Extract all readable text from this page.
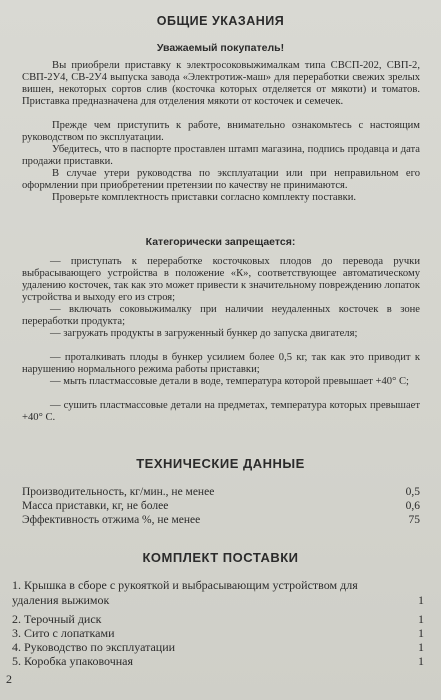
ОБЩИЕ УКАЗАНИЯ
Уважаемый покупатель!

Вы приобрели приставку к электросоковыжималкам типа СВСП-202, СВП-2, СВП-2У4, СВ-2У4 выпуска завода «Электротиж-маш» для переработки свежих зрелых вишен, некоторых сортов слив (косточка которых отделяется от мякоти) и томатов. Приставка предназначена для отделения мякоти от косточек и семечек.

Прежде чем приступить к работе, внимательно ознакомьтесь с настоящим руководством по эксплуатации.

Убедитесь, что в паспорте проставлен штамп магазина, подпись продавца и дата продажи приставки.

В случае утери руководства по эксплуатации или при неправильном его оформлении при приобретении претензии по качеству не принимаются.

Проверьте комплектность приставки согласно комплекту поставки.

Категорически запрещается:

— приступать к переработке косточковых плодов до перевода ручки выбрасывающего устройства в положение «К», соответствующее автоматическому удалению косточек, так как это может привести к значительному повреждению лопаток устройства и выходу его из строя;

— включать соковыжималку при наличии неудаленных косточек в зоне переработки продукта;

— загружать продукты в загруженный бункер до запуска двигателя;

— проталкивать плоды в бункер усилием более 0,5 кг, так как это приводит к нарушению нормального режима работы приставки;

— мыть пластмассовые детали в воде, температура которой превышает +40° С;

— сушить пластмассовые детали на предметах, температура которых превышает +40° С.

ТЕХНИЧЕСКИЕ ДАННЫЕ
Производительность, кг/мин., не менее	0,5
Масса приставки, кг, не более	0,6
Эффективность отжима %, не менее	75
КОМПЛЕКТ ПОСТАВКИ
1. Крышка в сборе с рукояткой и выбрасывающим устройством для удаления выжимок	1
2. Терочный диск	1
3. Сито с лопатками	1
4. Руководство по эксплуатации	1
5. Коробка упаковочная	1
2
